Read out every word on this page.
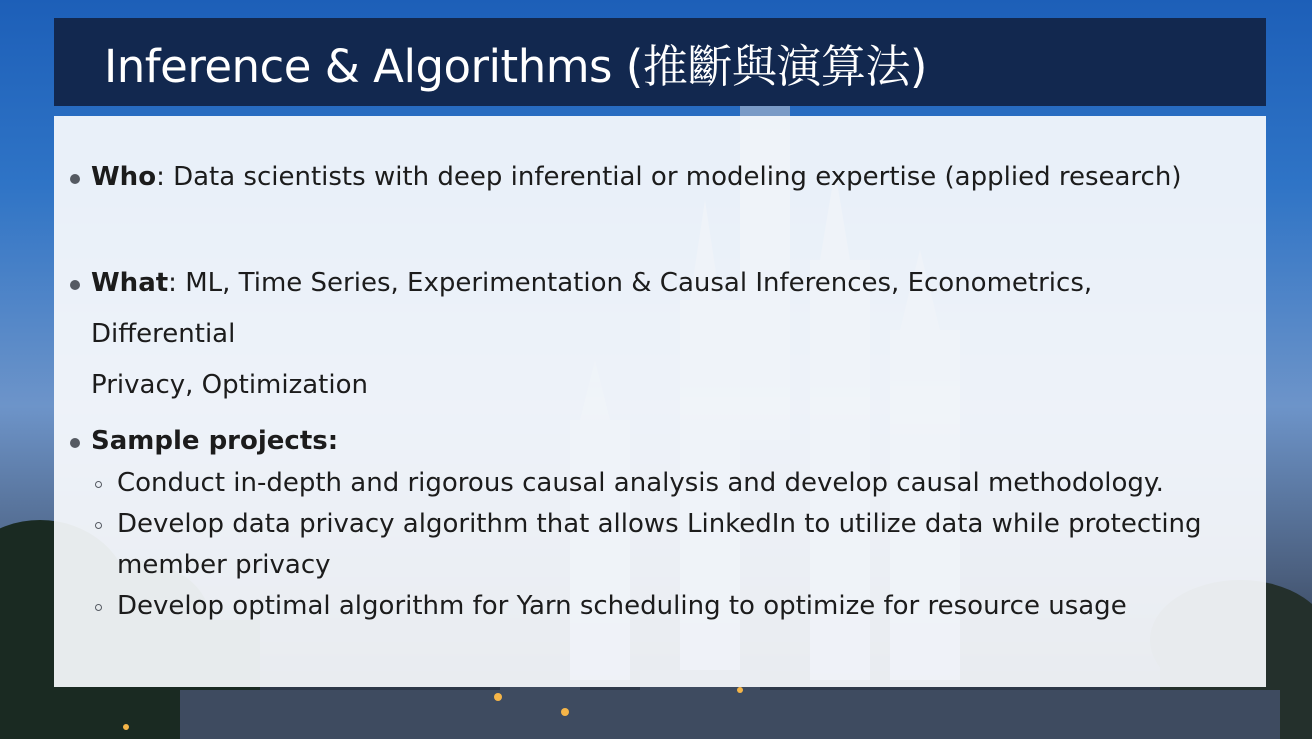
Inference & Algorithms (推斷與演算法)
Who: Data scientists with deep inferential or modeling expertise (applied research)
What: ML, Time Series, Experimentation & Causal Inferences, Econometrics, Differential
Privacy, Optimization
Sample projects:
Conduct in-depth and rigorous causal analysis and develop causal methodology.
Develop data privacy algorithm that allows LinkedIn to utilize data while protecting
member privacy
Develop optimal algorithm for Yarn scheduling to optimize for resource usage
